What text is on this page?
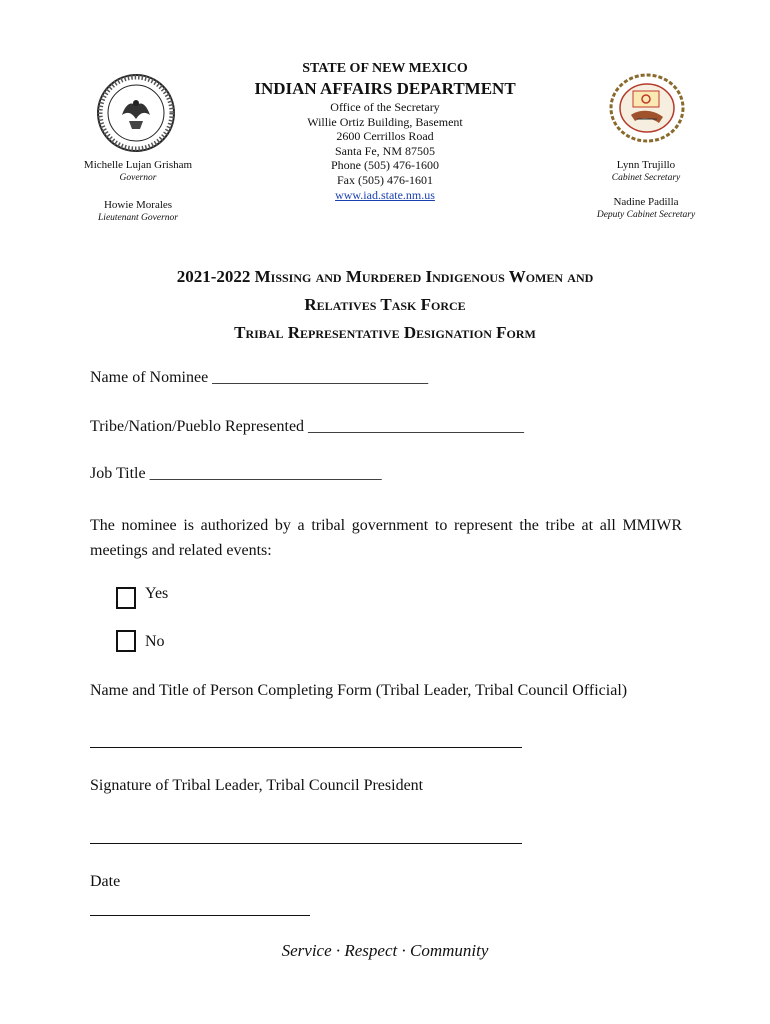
STATE OF NEW MEXICO
INDIAN AFFAIRS DEPARTMENT
Office of the Secretary
Willie Ortiz Building, Basement
2600 Cerrillos Road
Santa Fe, NM 87505
Phone (505) 476-1600
Fax (505) 476-1601
www.iad.state.nm.us
Michelle Lujan Grisham
Governor
Howie Morales
Lieutenant Governor
Lynn Trujillo
Cabinet Secretary
Nadine Padilla
Deputy Cabinet Secretary
2021-2022 Missing and Murdered Indigenous Women and
Relatives Task Force
Tribal Representative Designation Form
Name of Nominee ___________________________
Tribe/Nation/Pueblo Represented ___________________________
Job Title _____________________________
The nominee is authorized by a tribal government to represent the tribe at all MMIWR meetings and related events:
Yes
No
Name and Title of Person Completing Form (Tribal Leader, Tribal Council Official)
Signature of Tribal Leader, Tribal Council President
Date
Service · Respect · Community
